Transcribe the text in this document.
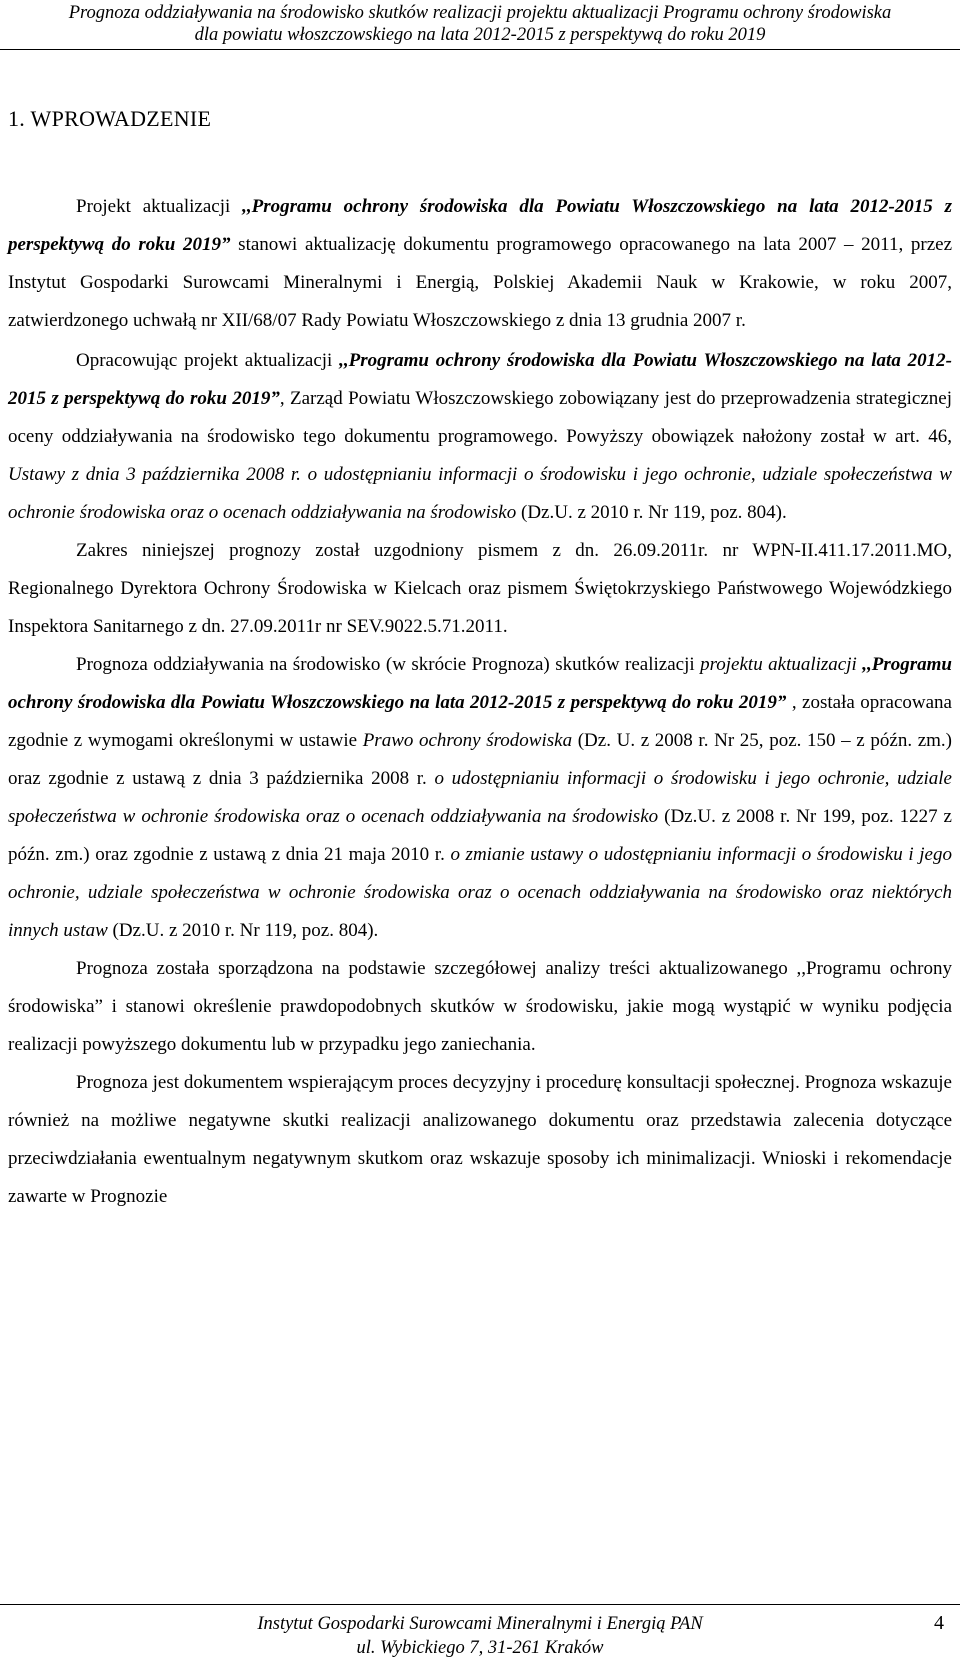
Prognoza oddziaływania na środowisko skutków realizacji projektu aktualizacji Programu ochrony środowiska
dla powiatu włoszczowskiego na lata 2012-2015 z perspektywą do roku 2019
1. WPROWADZENIE

Projekt aktualizacji ,,Programu ochrony środowiska dla Powiatu Włoszczowskiego na lata 2012-2015 z perspektywą do roku 2019” stanowi aktualizację dokumentu programowego opracowanego na lata 2007 – 2011, przez Instytut Gospodarki Surowcami Mineralnymi i Energią, Polskiej Akademii Nauk w Krakowie, w roku 2007, zatwierdzonego uchwałą nr XII/68/07 Rady Powiatu Włoszczowskiego z dnia 13 grudnia 2007 r.

Opracowując projekt aktualizacji ,,Programu ochrony środowiska dla Powiatu Włoszczowskiego na lata 2012-2015 z perspektywą do roku 2019”, Zarząd Powiatu Włoszczowskiego zobowiązany jest do przeprowadzenia strategicznej oceny oddziaływania na środowisko tego dokumentu programowego. Powyższy obowiązek nałożony został w art. 46, Ustawy z dnia 3 października 2008 r. o udostępnianiu informacji o środowisku i jego ochronie, udziale społeczeństwa w ochronie środowiska oraz o ocenach oddziaływania na środowisko (Dz.U. z 2010 r. Nr 119, poz. 804).

Zakres niniejszej prognozy został uzgodniony pismem z dn. 26.09.2011r. nr WPN-II.411.17.2011.MO, Regionalnego Dyrektora Ochrony Środowiska w Kielcach oraz pismem Świętokrzyskiego Państwowego Wojewódzkiego Inspektora Sanitarnego z dn. 27.09.2011r nr SEV.9022.5.71.2011.

Prognoza oddziaływania na środowisko (w skrócie Prognoza) skutków realizacji projektu aktualizacji ,,Programu ochrony środowiska dla Powiatu Włoszczowskiego na lata 2012-2015 z perspektywą do roku 2019” , została opracowana zgodnie z wymogami określonymi w ustawie Prawo ochrony środowiska (Dz. U. z 2008 r. Nr 25, poz. 150 – z późn. zm.) oraz zgodnie z ustawą z dnia 3 października 2008 r. o udostępnianiu informacji o środowisku i jego ochronie, udziale społeczeństwa w ochronie środowiska oraz o ocenach oddziaływania na środowisko (Dz.U. z 2008 r. Nr 199, poz. 1227 z późn. zm.) oraz zgodnie z ustawą z dnia 21 maja 2010 r. o zmianie ustawy o udostępnianiu informacji o środowisku i jego ochronie, udziale społeczeństwa w ochronie środowiska oraz o ocenach oddziaływania na środowisko oraz niektórych innych ustaw (Dz.U. z 2010 r. Nr 119, poz. 804).

Prognoza została sporządzona na podstawie szczegółowej analizy treści aktualizowanego ,,Programu ochrony środowiska” i stanowi określenie prawdopodobnych skutków w środowisku, jakie mogą wystąpić w wyniku podjęcia realizacji powyższego dokumentu lub w przypadku jego zaniechania.

Prognoza jest dokumentem wspierającym proces decyzyjny i procedurę konsultacji społecznej. Prognoza wskazuje również na możliwe negatywne skutki realizacji analizowanego dokumentu oraz przedstawia zalecenia dotyczące przeciwdziałania ewentualnym negatywnym skutkom oraz wskazuje sposoby ich minimalizacji. Wnioski i rekomendacje zawarte w Prognozie

Instytut Gospodarki Surowcami Mineralnymi i Energią PAN
ul. Wybickiego 7, 31-261 Kraków
4
